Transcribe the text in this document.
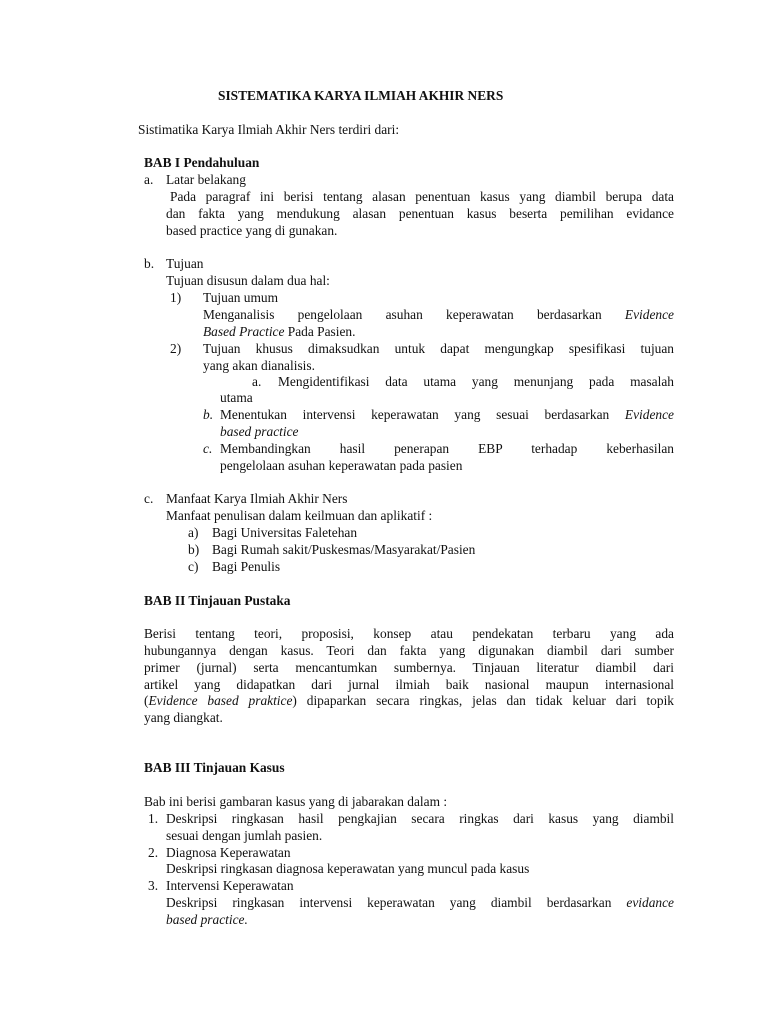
SISTEMATIKA KARYA ILMIAH AKHIR NERS
Sistimatika Karya Ilmiah Akhir Ners terdiri dari:
BAB I Pendahuluan
a. Latar belakang
Pada paragraf ini berisi tentang alasan penentuan kasus yang diambil berupa data
dan fakta yang mendukung alasan penentuan kasus beserta pemilihan evidance
based practice yang di gunakan.
b. Tujuan
Tujuan disusun dalam dua hal:
1) Tujuan umum
Menganalisis pengelolaan asuhan keperawatan berdasarkan Evidence
Based Practice Pada Pasien.
2) Tujuan khusus dimaksudkan untuk dapat mengungkap spesifikasi tujuan
yang akan dianalisis.
a. Mengidentifikasi data utama yang menunjang pada masalah
utama
b. Menentukan intervensi keperawatan yang sesuai berdasarkan Evidence
based practice
c. Membandingkan hasil penerapan EBP terhadap keberhasilan
pengelolaan asuhan keperawatan pada pasien
c. Manfaat Karya Ilmiah Akhir Ners
Manfaat penulisan dalam keilmuan dan aplikatif :
a) Bagi Universitas Faletehan
b) Bagi Rumah sakit/Puskesmas/Masyarakat/Pasien
c) Bagi Penulis
BAB II Tinjauan Pustaka
Berisi tentang teori, proposisi, konsep atau pendekatan terbaru yang ada
hubungannya dengan kasus. Teori dan fakta yang digunakan diambil dari sumber
primer (jurnal) serta mencantumkan sumbernya. Tinjauan literatur diambil dari
artikel yang didapatkan dari jurnal ilmiah baik nasional maupun internasional
(Evidence based praktice) dipaparkan secara ringkas, jelas dan tidak keluar dari topik
yang diangkat.
BAB III Tinjauan Kasus
Bab ini berisi gambaran kasus yang di jabarakan dalam :
1. Deskripsi ringkasan hasil pengkajian secara ringkas dari kasus yang diambil
sesuai dengan jumlah pasien.
2. Diagnosa Keperawatan
Deskripsi ringkasan diagnosa keperawatan yang muncul pada kasus
3. Intervensi Keperawatan
Deskripsi ringkasan intervensi keperawatan yang diambil berdasarkan evidance
based practice.
